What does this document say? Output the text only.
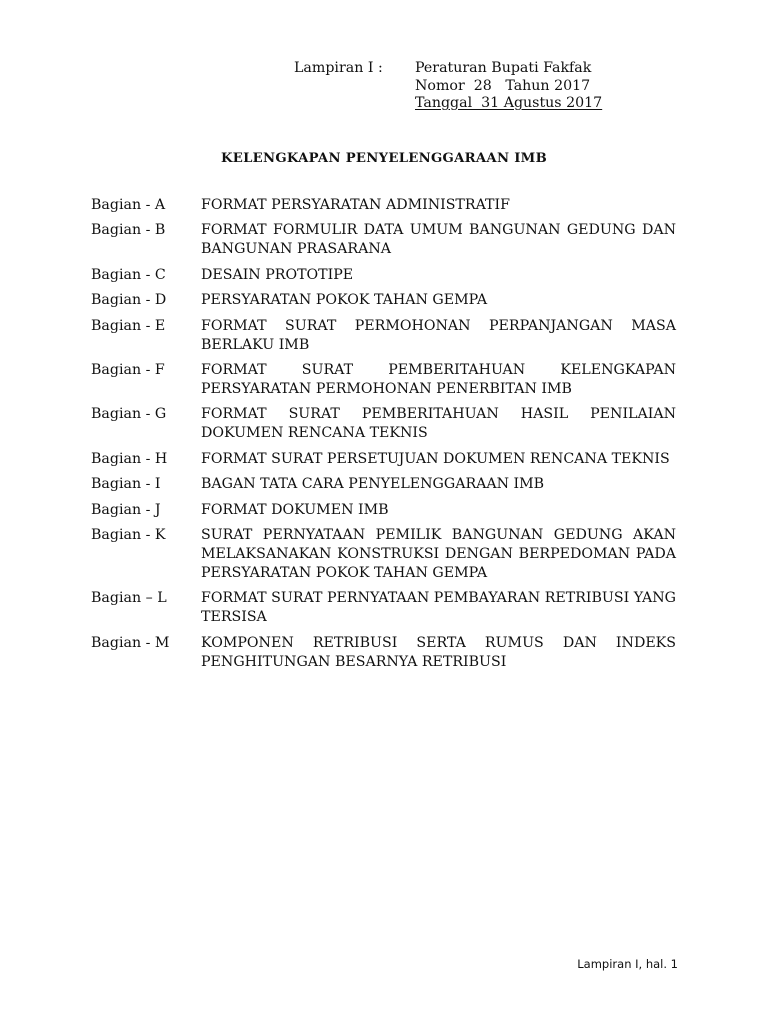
Lampiran I :	Peraturan Bupati Fakfak
Nomor  28   Tahun 2017
Tanggal  31 Agustus 2017
KELENGKAPAN PENYELENGGARAAN IMB
Bagian - A	FORMAT PERSYARATAN ADMINISTRATIF
Bagian - B	FORMAT FORMULIR DATA UMUM BANGUNAN GEDUNG DAN BANGUNAN PRASARANA
Bagian - C	DESAIN PROTOTIPE
Bagian - D	PERSYARATAN POKOK TAHAN GEMPA
Bagian - E	FORMAT SURAT PERMOHONAN PERPANJANGAN MASA BERLAKU IMB
Bagian - F	FORMAT SURAT PEMBERITAHUAN KELENGKAPAN PERSYARATAN PERMOHONAN PENERBITAN IMB
Bagian - G	FORMAT SURAT PEMBERITAHUAN HASIL PENILAIAN DOKUMEN RENCANA TEKNIS
Bagian - H	FORMAT SURAT PERSETUJUAN DOKUMEN RENCANA TEKNIS
Bagian - I	BAGAN TATA CARA PENYELENGGARAAN IMB
Bagian - J	FORMAT DOKUMEN IMB
Bagian - K	SURAT PERNYATAAN PEMILIK BANGUNAN GEDUNG AKAN MELAKSANAKAN KONSTRUKSI DENGAN BERPEDOMAN PADA PERSYARATAN POKOK TAHAN GEMPA
Bagian – L	FORMAT SURAT PERNYATAAN PEMBAYARAN RETRIBUSI YANG TERSISA
Bagian - M	KOMPONEN RETRIBUSI SERTA RUMUS DAN INDEKS PENGHITUNGAN BESARNYA RETRIBUSI
Lampiran I, hal. 1
